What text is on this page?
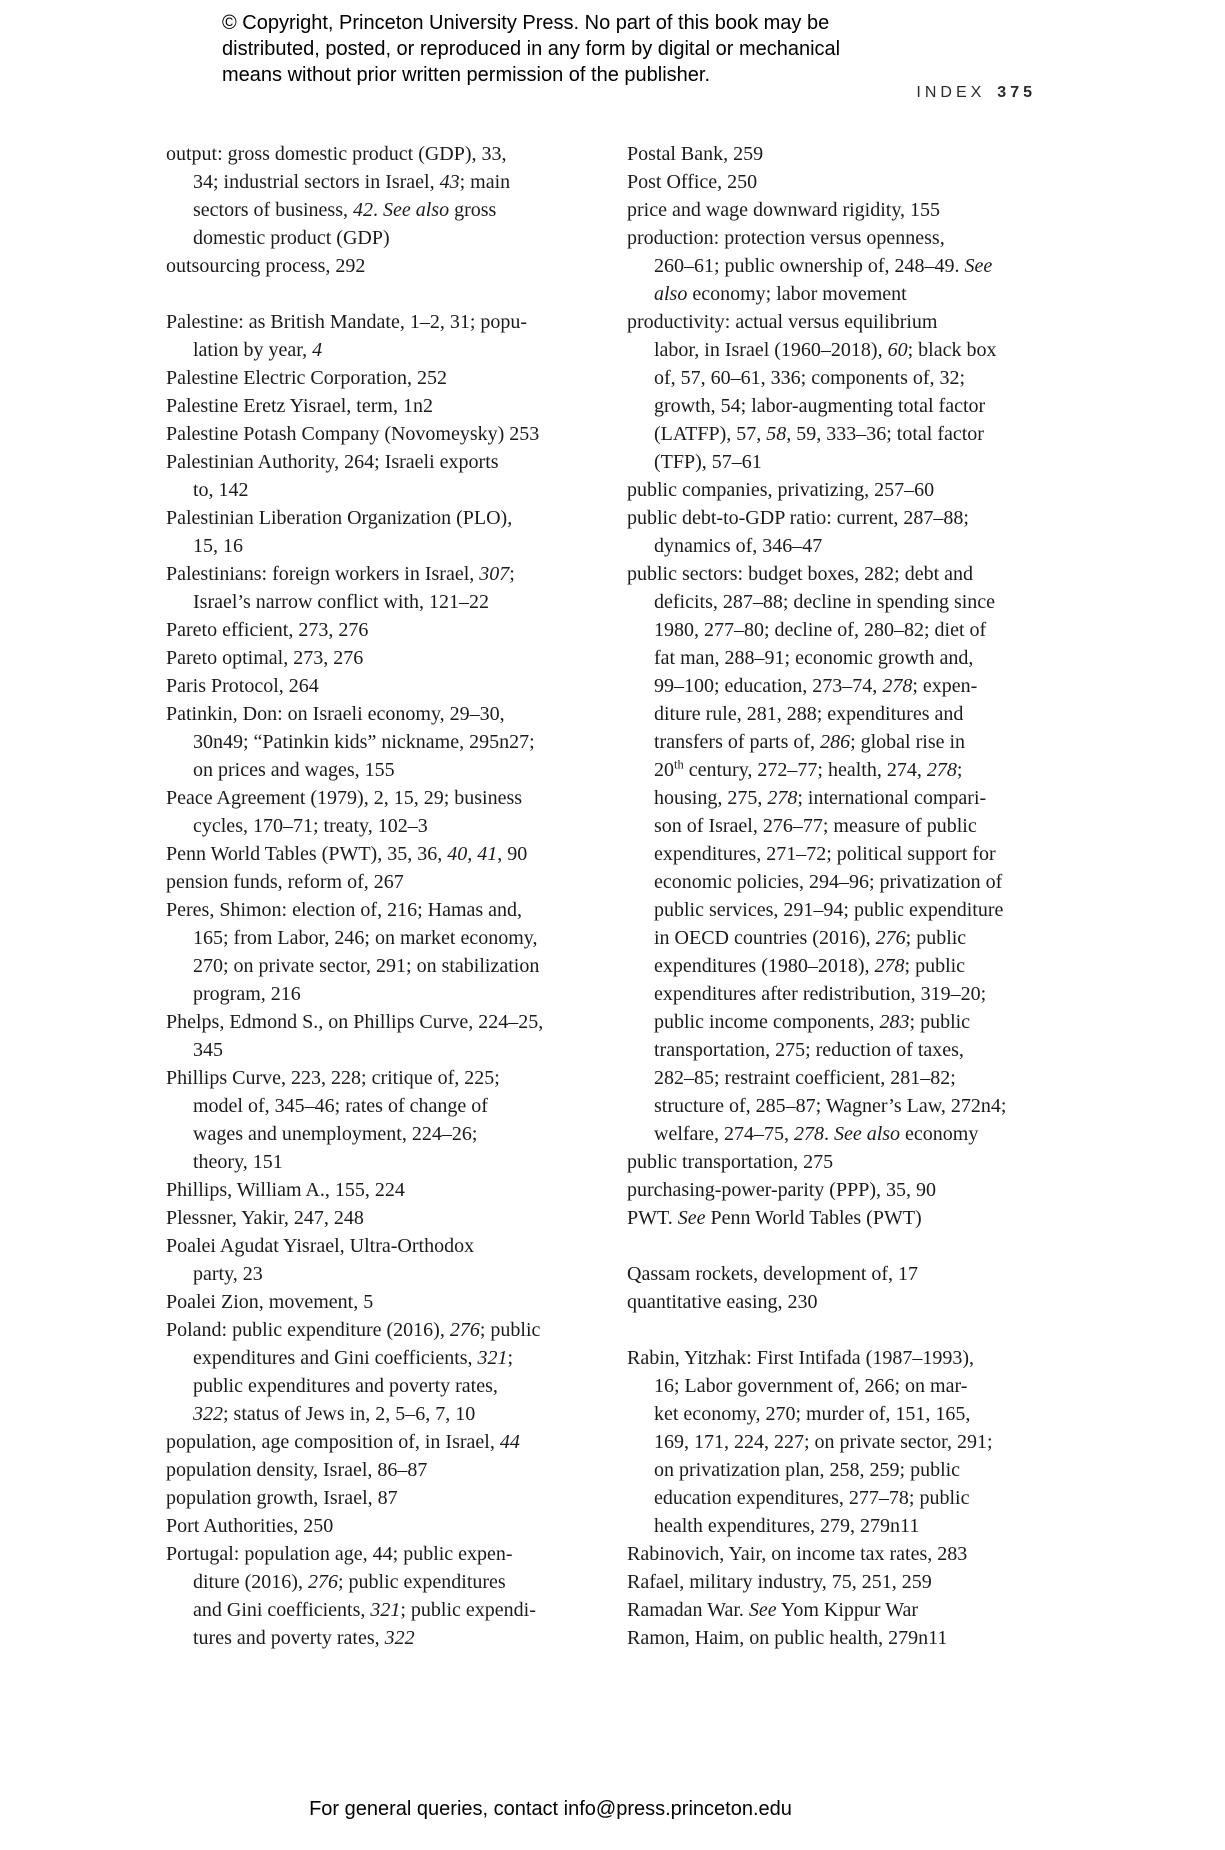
© Copyright, Princeton University Press. No part of this book may be
distributed, posted, or reproduced in any form by digital or mechanical
means without prior written permission of the publisher.
INDEX 375
output: gross domestic product (GDP), 33,
34; industrial sectors in Israel, 43; main
sectors of business, 42. See also gross
domestic product (GDP)
outsourcing process, 292
Palestine: as British Mandate, 1–2, 31; popu-
lation by year, 4
Palestine Electric Corporation, 252
Palestine Eretz Yisrael, term, 1n2
Palestine Potash Company (Novomeysky) 253
Palestinian Authority, 264; Israeli exports
to, 142
Palestinian Liberation Organization (PLO),
15, 16
Palestinians: foreign workers in Israel, 307;
Israel’s narrow conflict with, 121–22
Pareto efficient, 273, 276
Pareto optimal, 273, 276
Paris Protocol, 264
Patinkin, Don: on Israeli economy, 29–30,
30n49; “Patinkin kids” nickname, 295n27;
on prices and wages, 155
Peace Agreement (1979), 2, 15, 29; business
cycles, 170–71; treaty, 102–3
Penn World Tables (PWT), 35, 36, 40, 41, 90
pension funds, reform of, 267
Peres, Shimon: election of, 216; Hamas and,
165; from Labor, 246; on market economy,
270; on private sector, 291; on stabilization
program, 216
Phelps, Edmond S., on Phillips Curve, 224–25,
345
Phillips Curve, 223, 228; critique of, 225;
model of, 345–46; rates of change of
wages and unemployment, 224–26;
theory, 151
Phillips, William A., 155, 224
Plessner, Yakir, 247, 248
Poalei Agudat Yisrael, Ultra-Orthodox
party, 23
Poalei Zion, movement, 5
Poland: public expenditure (2016), 276; public
expenditures and Gini coefficients, 321;
public expenditures and poverty rates,
322; status of Jews in, 2, 5–6, 7, 10
population, age composition of, in Israel, 44
population density, Israel, 86–87
population growth, Israel, 87
Port Authorities, 250
Portugal: population age, 44; public expen-
diture (2016), 276; public expenditures
and Gini coefficients, 321; public expendi-
tures and poverty rates, 322
Postal Bank, 259
Post Office, 250
price and wage downward rigidity, 155
production: protection versus openness,
260–61; public ownership of, 248–49. See
also economy; labor movement
productivity: actual versus equilibrium
labor, in Israel (1960–2018), 60; black box
of, 57, 60–61, 336; components of, 32;
growth, 54; labor-augmenting total factor
(LATFP), 57, 58, 59, 333–36; total factor
(TFP), 57–61
public companies, privatizing, 257–60
public debt-to-GDP ratio: current, 287–88;
dynamics of, 346–47
public sectors: budget boxes, 282; debt and
deficits, 287–88; decline in spending since
1980, 277–80; decline of, 280–82; diet of
fat man, 288–91; economic growth and,
99–100; education, 273–74, 278; expen-
diture rule, 281, 288; expenditures and
transfers of parts of, 286; global rise in
20th century, 272–77; health, 274, 278;
housing, 275, 278; international compari-
son of Israel, 276–77; measure of public
expenditures, 271–72; political support for
economic policies, 294–96; privatization of
public services, 291–94; public expenditure
in OECD countries (2016), 276; public
expenditures (1980–2018), 278; public
expenditures after redistribution, 319–20;
public income components, 283; public
transportation, 275; reduction of taxes,
282–85; restraint coefficient, 281–82;
structure of, 285–87; Wagner’s Law, 272n4;
welfare, 274–75, 278. See also economy
public transportation, 275
purchasing-power-parity (PPP), 35, 90
PWT. See Penn World Tables (PWT)
Qassam rockets, development of, 17
quantitative easing, 230
Rabin, Yitzhak: First Intifada (1987–1993),
16; Labor government of, 266; on mar-
ket economy, 270; murder of, 151, 165,
169, 171, 224, 227; on private sector, 291;
on privatization plan, 258, 259; public
education expenditures, 277–78; public
health expenditures, 279, 279n11
Rabinovich, Yair, on income tax rates, 283
Rafael, military industry, 75, 251, 259
Ramadan War. See Yom Kippur War
Ramon, Haim, on public health, 279n11
For general queries, contact info@press.princeton.edu
